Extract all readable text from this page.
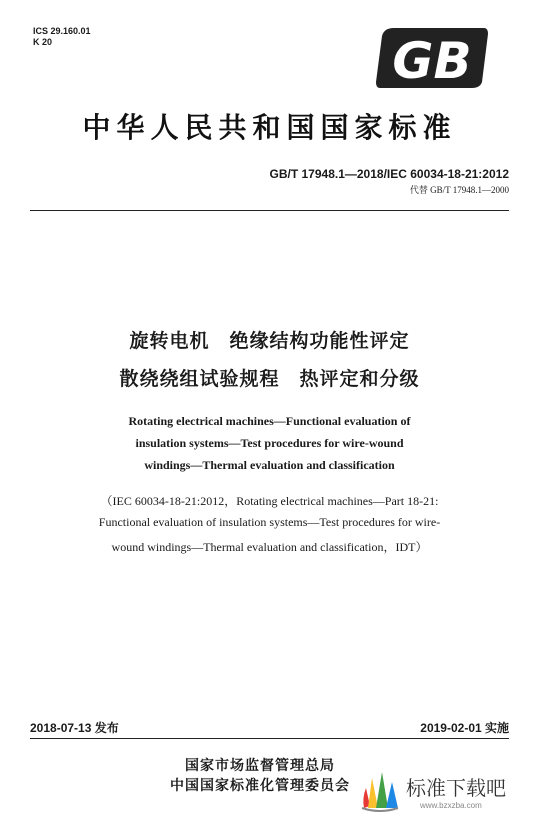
ICS 29.160.01
K 20	GB
中华人民共和国国家标准
GB/T 17948.1—2018/IEC 60034-18-21:2012
代替 GB/T 17948.1—2000
旋转电机　绝缘结构功能性评定
散绕绕组试验规程　热评定和分级
Rotating electrical machines—Functional evaluation of
insulation systems—Test procedures for wire-wound
windings—Thermal evaluation and classification
（IEC 60034-18-21:2012，Rotating electrical machines—Part 18-21:
Functional evaluation of insulation systems—Test procedures for wire-
wound windings—Thermal evaluation and classification，IDT）
2018-07-13 发布	2019-02-01 实施
国家市场监督管理总局
中国国家标准化管理委员会	标准下载吧
www.bzxzba.com
